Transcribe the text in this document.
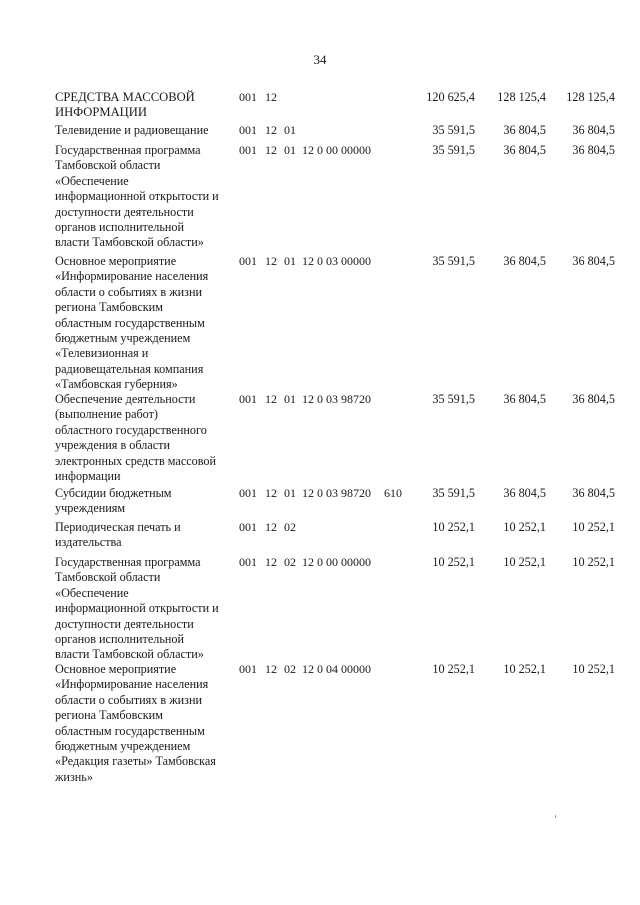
34
СРЕДСТВА МАССОВОЙ
ИНФОРМАЦИИ
001 12	120 625,4 128 125,4 128 125,4
Телевидение и радиовещание	001 12 01	35 591,5 36 804,5 36 804,5
Государственная программа
Тамбовской области
«Обеспечение
информационной открытости и
доступности деятельности
органов исполнительной
власти Тамбовской области»
001 12 01 12 0 00 00000	35 591,5 36 804,5 36 804,5
Основное мероприятие
«Информирование населения
области о событиях в жизни
региона Тамбовским
областным государственным
бюджетным учреждением
«Телевизионная и
радиовещательная компания
«Тамбовская губерния»
001 12 01 12 0 03 00000	35 591,5 36 804,5 36 804,5
Обеспечение деятельности
(выполнение работ)
областного государственного
учреждения в области
электронных средств массовой
информации
001 12 01 12 0 03 98720	35 591,5 36 804,5 36 804,5
Субсидии бюджетным
учреждениям
001 12 01 12 0 03 98720 610 35 591,5 36 804,5 36 804,5
Периодическая печать и
издательства
001 12 02	10 252,1 10 252,1 10 252,1
Государственная программа
Тамбовской области
«Обеспечение
информационной открытости и
доступности деятельности
органов исполнительной
власти Тамбовской области»
001 12 02 12 0 00 00000	10 252,1 10 252,1 10 252,1
Основное мероприятие
«Информирование населения
области о событиях в жизни
региона Тамбовским
областным государственным
бюджетным учреждением
«Редакция газеты» Тамбовская
жизнь»
001 12 02 12 0 04 00000	10 252,1 10 252,1 10 252,1
